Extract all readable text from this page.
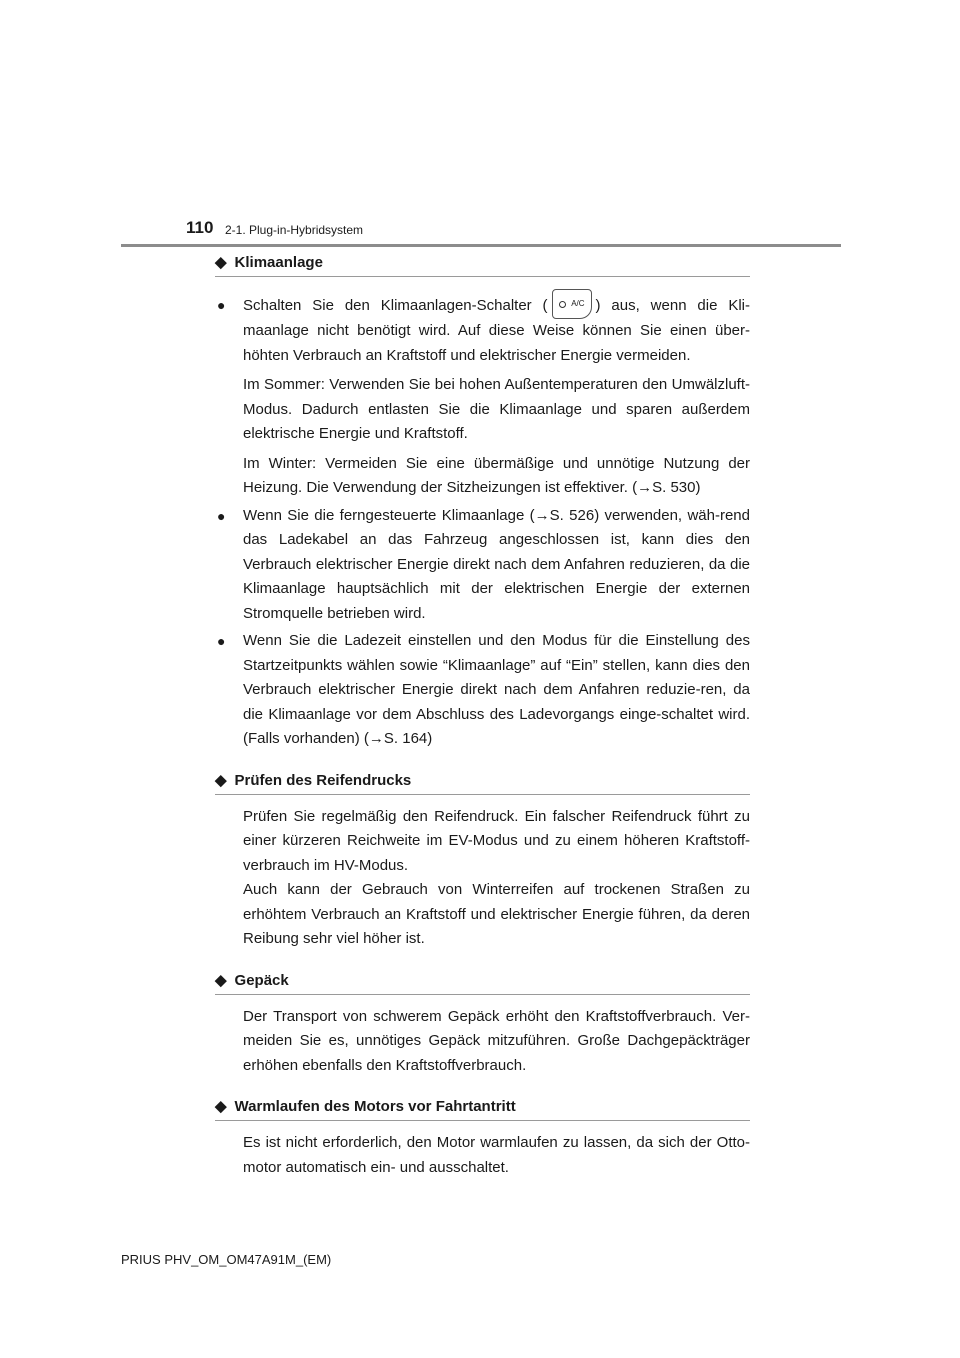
110 2-1. Plug-in-Hybridsystem
◆ Klimaanlage
● Schalten Sie den Klimaanlagen-Schalter (	A/C ) aus, wenn die Kli-maanlage nicht benötigt wird. Auf diese Weise können Sie einen über-höhten Verbrauch an Kraftstoff und elektrischer Energie vermeiden.
Im Sommer: Verwenden Sie bei hohen Außentemperaturen den Umwälzluft-Modus. Dadurch entlasten Sie die Klimaanlage und sparen außerdem elektrische Energie und Kraftstoff.
Im Winter: Vermeiden Sie eine übermäßige und unnötige Nutzung der Heizung. Die Verwendung der Sitzheizungen ist effektiver. (→S. 530)
● Wenn Sie die ferngesteuerte Klimaanlage (→S. 526) verwenden, wäh-rend das Ladekabel an das Fahrzeug angeschlossen ist, kann dies den Verbrauch elektrischer Energie direkt nach dem Anfahren reduzieren, da die Klimaanlage hauptsächlich mit der elektrischen Energie der externen Stromquelle betrieben wird.
● Wenn Sie die Ladezeit einstellen und den Modus für die Einstellung des Startzeitpunkts wählen sowie “Klimaanlage” auf “Ein” stellen, kann dies den Verbrauch elektrischer Energie direkt nach dem Anfahren reduzie-ren, da die Klimaanlage vor dem Abschluss des Ladevorgangs einge-schaltet wird. (Falls vorhanden) (→S. 164)
◆ Prüfen des Reifendrucks
Prüfen Sie regelmäßig den Reifendruck. Ein falscher Reifendruck führt zu einer kürzeren Reichweite im EV-Modus und zu einem höheren Kraftstoff-verbrauch im HV-Modus.
Auch kann der Gebrauch von Winterreifen auf trockenen Straßen zu erhöhtem Verbrauch an Kraftstoff und elektrischer Energie führen, da deren Reibung sehr viel höher ist.
◆ Gepäck
Der Transport von schwerem Gepäck erhöht den Kraftstoffverbrauch. Ver-meiden Sie es, unnötiges Gepäck mitzuführen. Große Dachgepäckträger erhöhen ebenfalls den Kraftstoffverbrauch.
◆ Warmlaufen des Motors vor Fahrtantritt
Es ist nicht erforderlich, den Motor warmlaufen zu lassen, da sich der Otto-motor automatisch ein- und ausschaltet.
PRIUS PHV_OM_OM47A91M_(EM)
